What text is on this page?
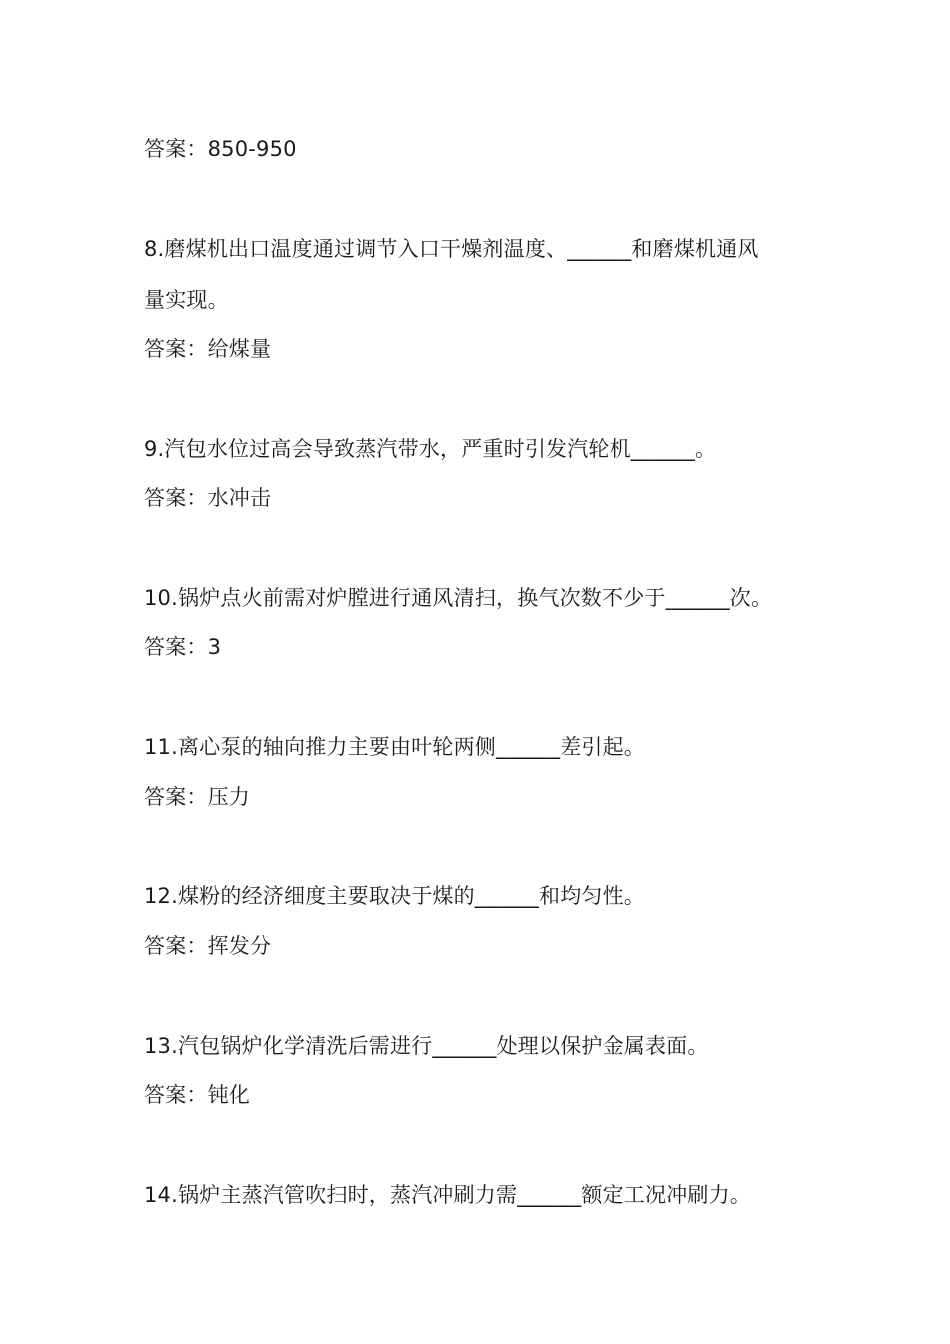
答案：850-950
8.磨煤机出口温度通过调节入口干燥剂温度、______和磨煤机通风
量实现。
答案：给煤量
9.汽包水位过高会导致蒸汽带水，严重时引发汽轮机______。
答案：水冲击
10.锅炉点火前需对炉膛进行通风清扫，换气次数不少于______次。
答案：3
11.离心泵的轴向推力主要由叶轮两侧______差引起。
答案：压力
12.煤粉的经济细度主要取决于煤的______和均匀性。
答案：挥发分
13.汽包锅炉化学清洗后需进行______处理以保护金属表面。
答案：钝化
14.锅炉主蒸汽管吹扫时，蒸汽冲刷力需______额定工况冲刷力。
